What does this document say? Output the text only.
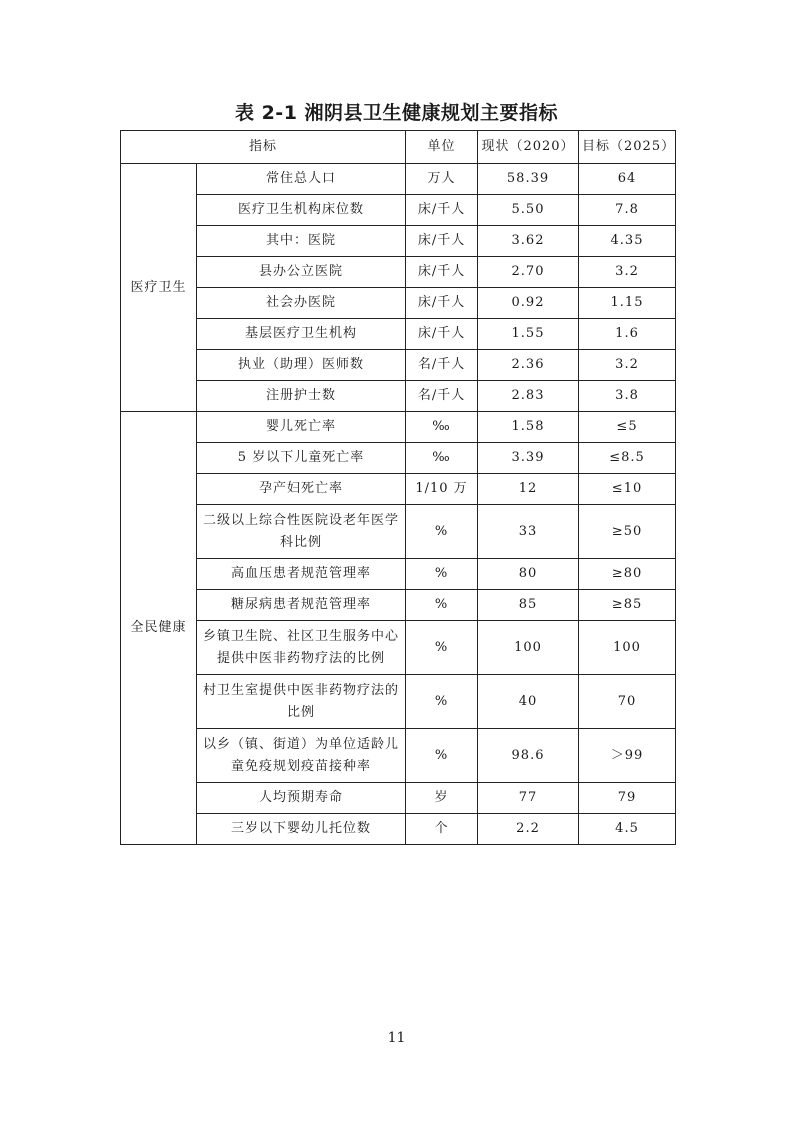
表 2-1 湘阴县卫生健康规划主要指标
指标		单位	现状（2020）	目标（2025）
医疗卫生	常住总人口	万人	58.39	64
	医疗卫生机构床位数	床/千人	5.50	7.8
	其中：医院	床/千人	3.62	4.35
	县办公立医院	床/千人	2.70	3.2
	社会办医院	床/千人	0.92	1.15
	基层医疗卫生机构	床/千人	1.55	1.6
	执业（助理）医师数	名/千人	2.36	3.2
	注册护士数	名/千人	2.83	3.8
全民健康	婴儿死亡率	‰	1.58	≤5
	5 岁以下儿童死亡率	‰	3.39	≤8.5
	孕产妇死亡率	1/10 万	12	≤10
	二级以上综合性医院设老年医学科比例	%	33	≥50
	高血压患者规范管理率	%	80	≥80
	糖尿病患者规范管理率	%	85	≥85
	乡镇卫生院、社区卫生服务中心提供中医非药物疗法的比例	%	100	100
	村卫生室提供中医非药物疗法的比例	%	40	70
	以乡（镇、街道）为单位适龄儿童免疫规划疫苗接种率	%	98.6	＞99
	人均预期寿命	岁	77	79
	三岁以下婴幼儿托位数	个	2.2	4.5
11
